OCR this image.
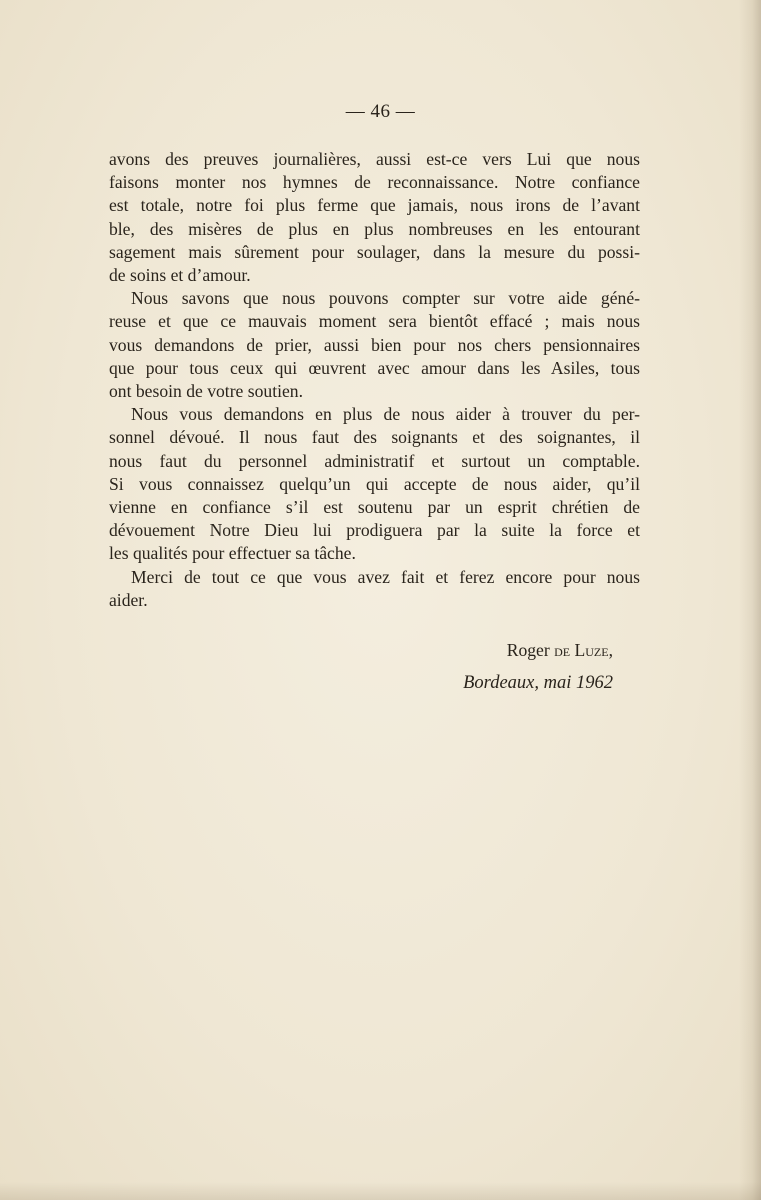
— 46 —

avons des preuves journalières, aussi est-ce vers Lui que nous

faisons monter nos hymnes de reconnaissance. Notre confiance

est totale, notre foi plus ferme que jamais, nous irons de l’avant

ble, des misères de plus en plus nombreuses en les entourant

sagement mais sûrement pour soulager, dans la mesure du possi-

de soins et d’amour.

Nous savons que nous pouvons compter sur votre aide géné-

reuse et que ce mauvais moment sera bientôt effacé ; mais nous

vous demandons de prier, aussi bien pour nos chers pensionnaires

que pour tous ceux qui œuvrent avec amour dans les Asiles, tous

ont besoin de votre soutien.

Nous vous demandons en plus de nous aider à trouver du per-

sonnel dévoué. Il nous faut des soignants et des soignantes, il

nous faut du personnel administratif et surtout un comptable.

Si vous connaissez quelqu’un qui accepte de nous aider, qu’il

vienne en confiance s’il est soutenu par un esprit chrétien de

dévouement Notre Dieu lui prodiguera par la suite la force et

les qualités pour effectuer sa tâche.

Merci de tout ce que vous avez fait et ferez encore pour nous

aider.

Roger de Luze,
Bordeaux, mai 1962
